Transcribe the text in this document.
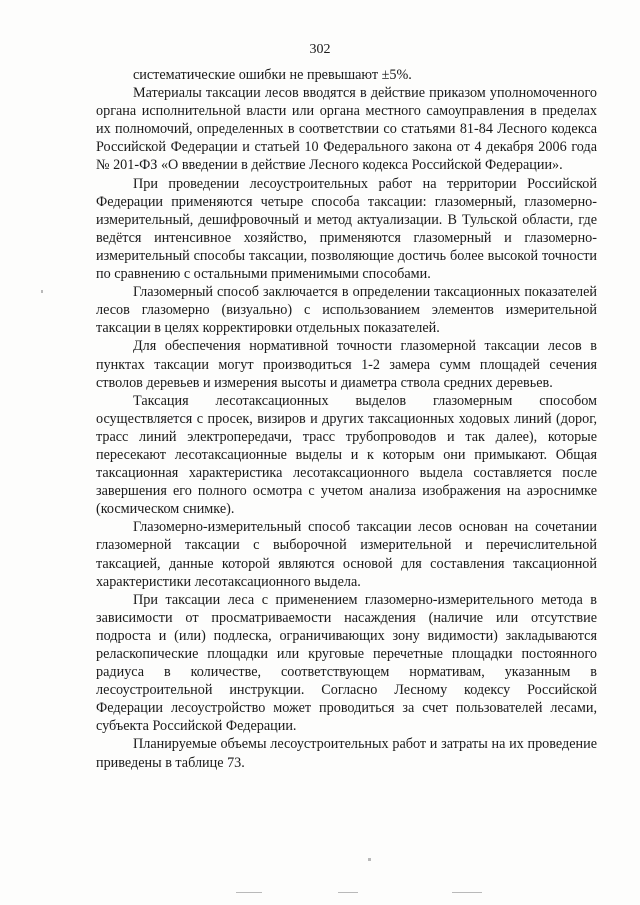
302

систематические ошибки не превышают ±5%.

Материалы таксации лесов вводятся в действие приказом уполномоченного органа исполнительной власти или органа местного самоуправления в пределах их полномочий, определенных в соответствии со статьями 81-84 Лесного кодекса Российской Федерации и статьей 10 Федерального закона от 4 декабря 2006 года № 201-ФЗ «О введении в действие Лесного кодекса Российской Федерации».

При проведении лесоустроительных работ на территории Российской Федерации применяются четыре способа таксации: глазомерный, глазомерно-измерительный, дешифровочный и метод актуализации. В Тульской области, где ведётся интенсивное хозяйство, применяются глазомерный и глазомерно-измерительный способы таксации, позволяющие достичь более высокой точности по сравнению с остальными применимыми способами.

Глазомерный способ заключается в определении таксационных показателей лесов глазомерно (визуально) с использованием элементов измерительной таксации в целях корректировки отдельных показателей.

Для обеспечения нормативной точности глазомерной таксации лесов в пунктах таксации могут производиться 1-2 замера сумм площадей сечения стволов деревьев и измерения высоты и диаметра ствола средних деревьев.

Таксация лесотаксационных выделов глазомерным способом осуществляется с просек, визиров и других таксационных ходовых линий (дорог, трасс линий электропередачи, трасс трубопроводов и так далее), которые пересекают лесотаксационные выделы и к которым они примыкают. Общая таксационная характеристика лесотаксационного выдела составляется после завершения его полного осмотра с учетом анализа изображения на аэроснимке (космическом снимке).

Глазомерно-измерительный способ таксации лесов основан на сочетании глазомерной таксации с выборочной измерительной и перечислительной таксацией, данные которой являются основой для составления таксационной характеристики лесотаксационного выдела.

При таксации леса с применением глазомерно-измерительного метода в зависимости от просматриваемости насаждения (наличие или отсутствие подроста и (или) подлеска, ограничивающих зону видимости) закладываются реласкопические площадки или круговые перечетные площадки постоянного радиуса в количестве, соответствующем нормативам, указанным в лесоустроительной инструкции. Согласно Лесному кодексу Российской Федерации лесоустройство может проводиться за счет пользователей лесами, субъекта Российской Федерации.

Планируемые объемы лесоустроительных работ и затраты на их проведение приведены в таблице 73.
